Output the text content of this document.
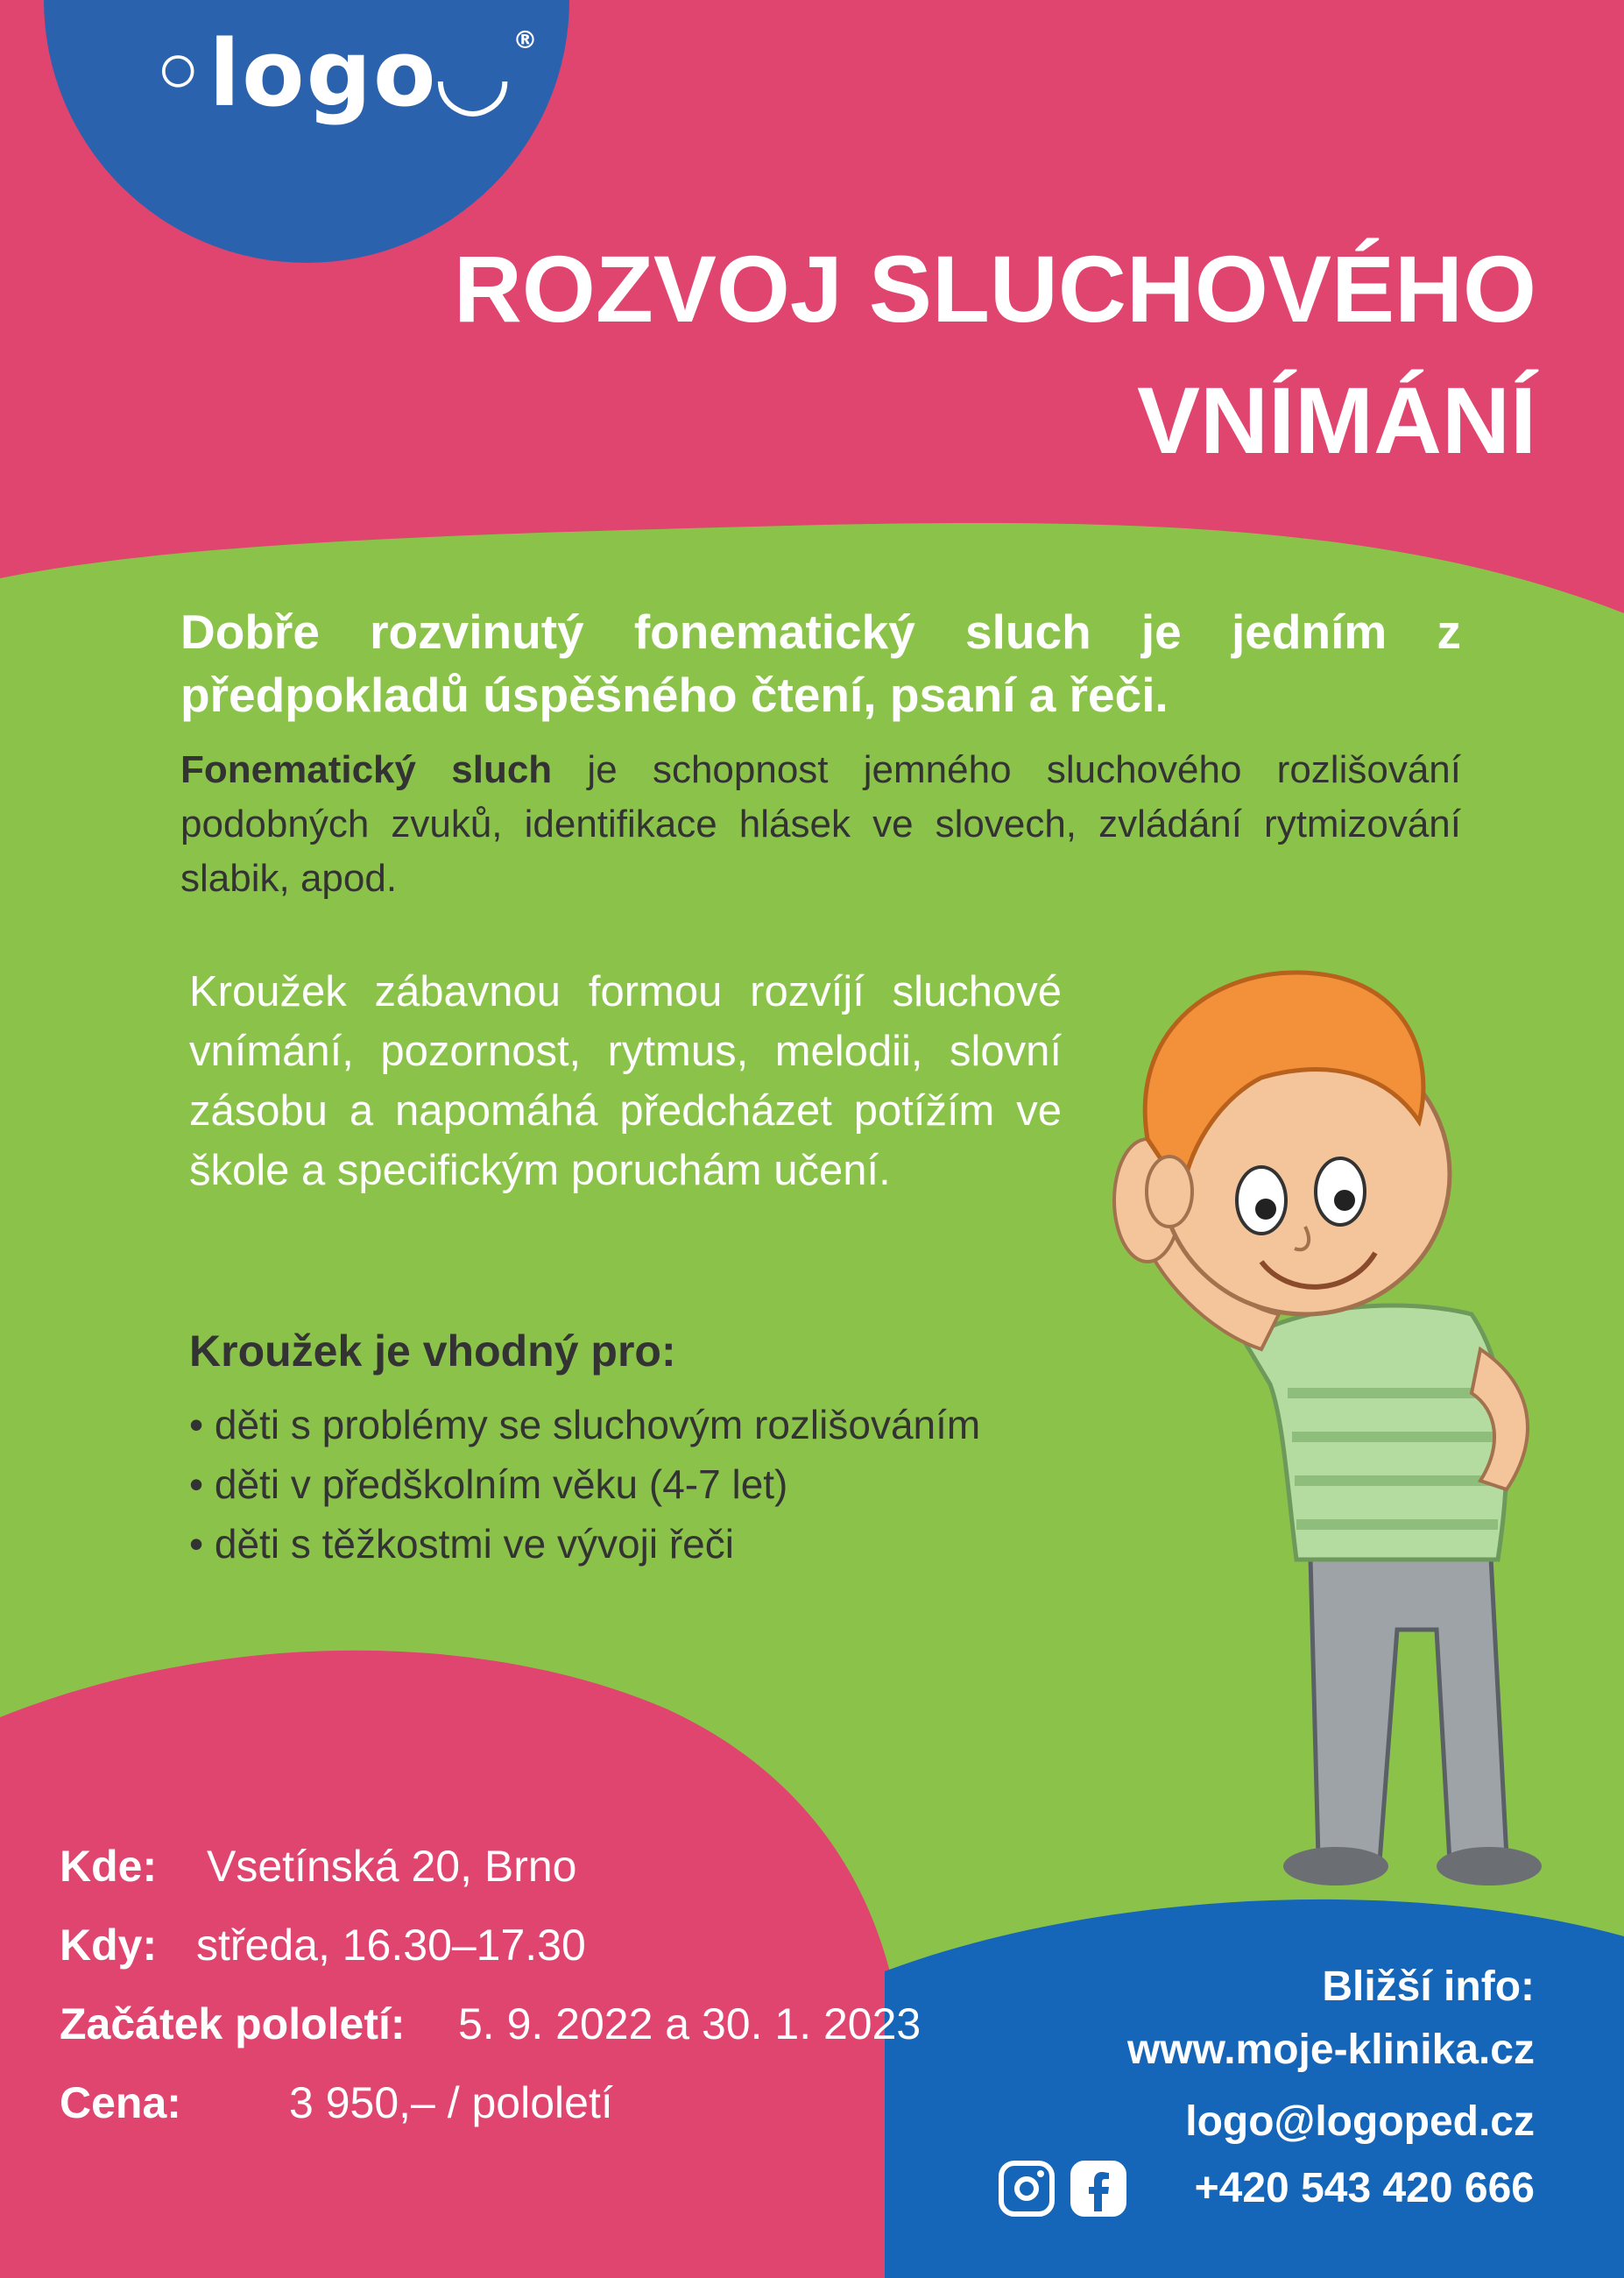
◦logo◡ ®
ROZVOJ SLUCHOVÉHO
VNÍMÁNÍ
Dobře rozvinutý fonematický sluch je jedním z předpokladů úspěšného čtení, psaní a řeči.
Fonematický sluch je schopnost jemného sluchového rozlišování podobných zvuků, identifikace hlásek ve slovech, zvládání rytmizování slabik, apod.
Kroužek zábavnou formou rozvíjí sluchové vnímání, pozornost, rytmus, melodii, slovní zásobu a napomáhá předcházet potížím ve škole a specifickým poruchám učení.
Kroužek je vhodný pro:
• děti s problémy se sluchovým rozlišováním
• děti v předškolním věku (4-7 let)
• děti s těžkostmi ve vývoji řeči
Kde: Vsetínská 20, Brno
Kdy: středa, 16.30–17.30
Začátek pololetí: 5. 9. 2022 a 30. 1. 2023
Cena: 3 950,– / pololetí
Bližší info:
www.moje-klinika.cz
logo@logoped.cz
+420 543 420 666
